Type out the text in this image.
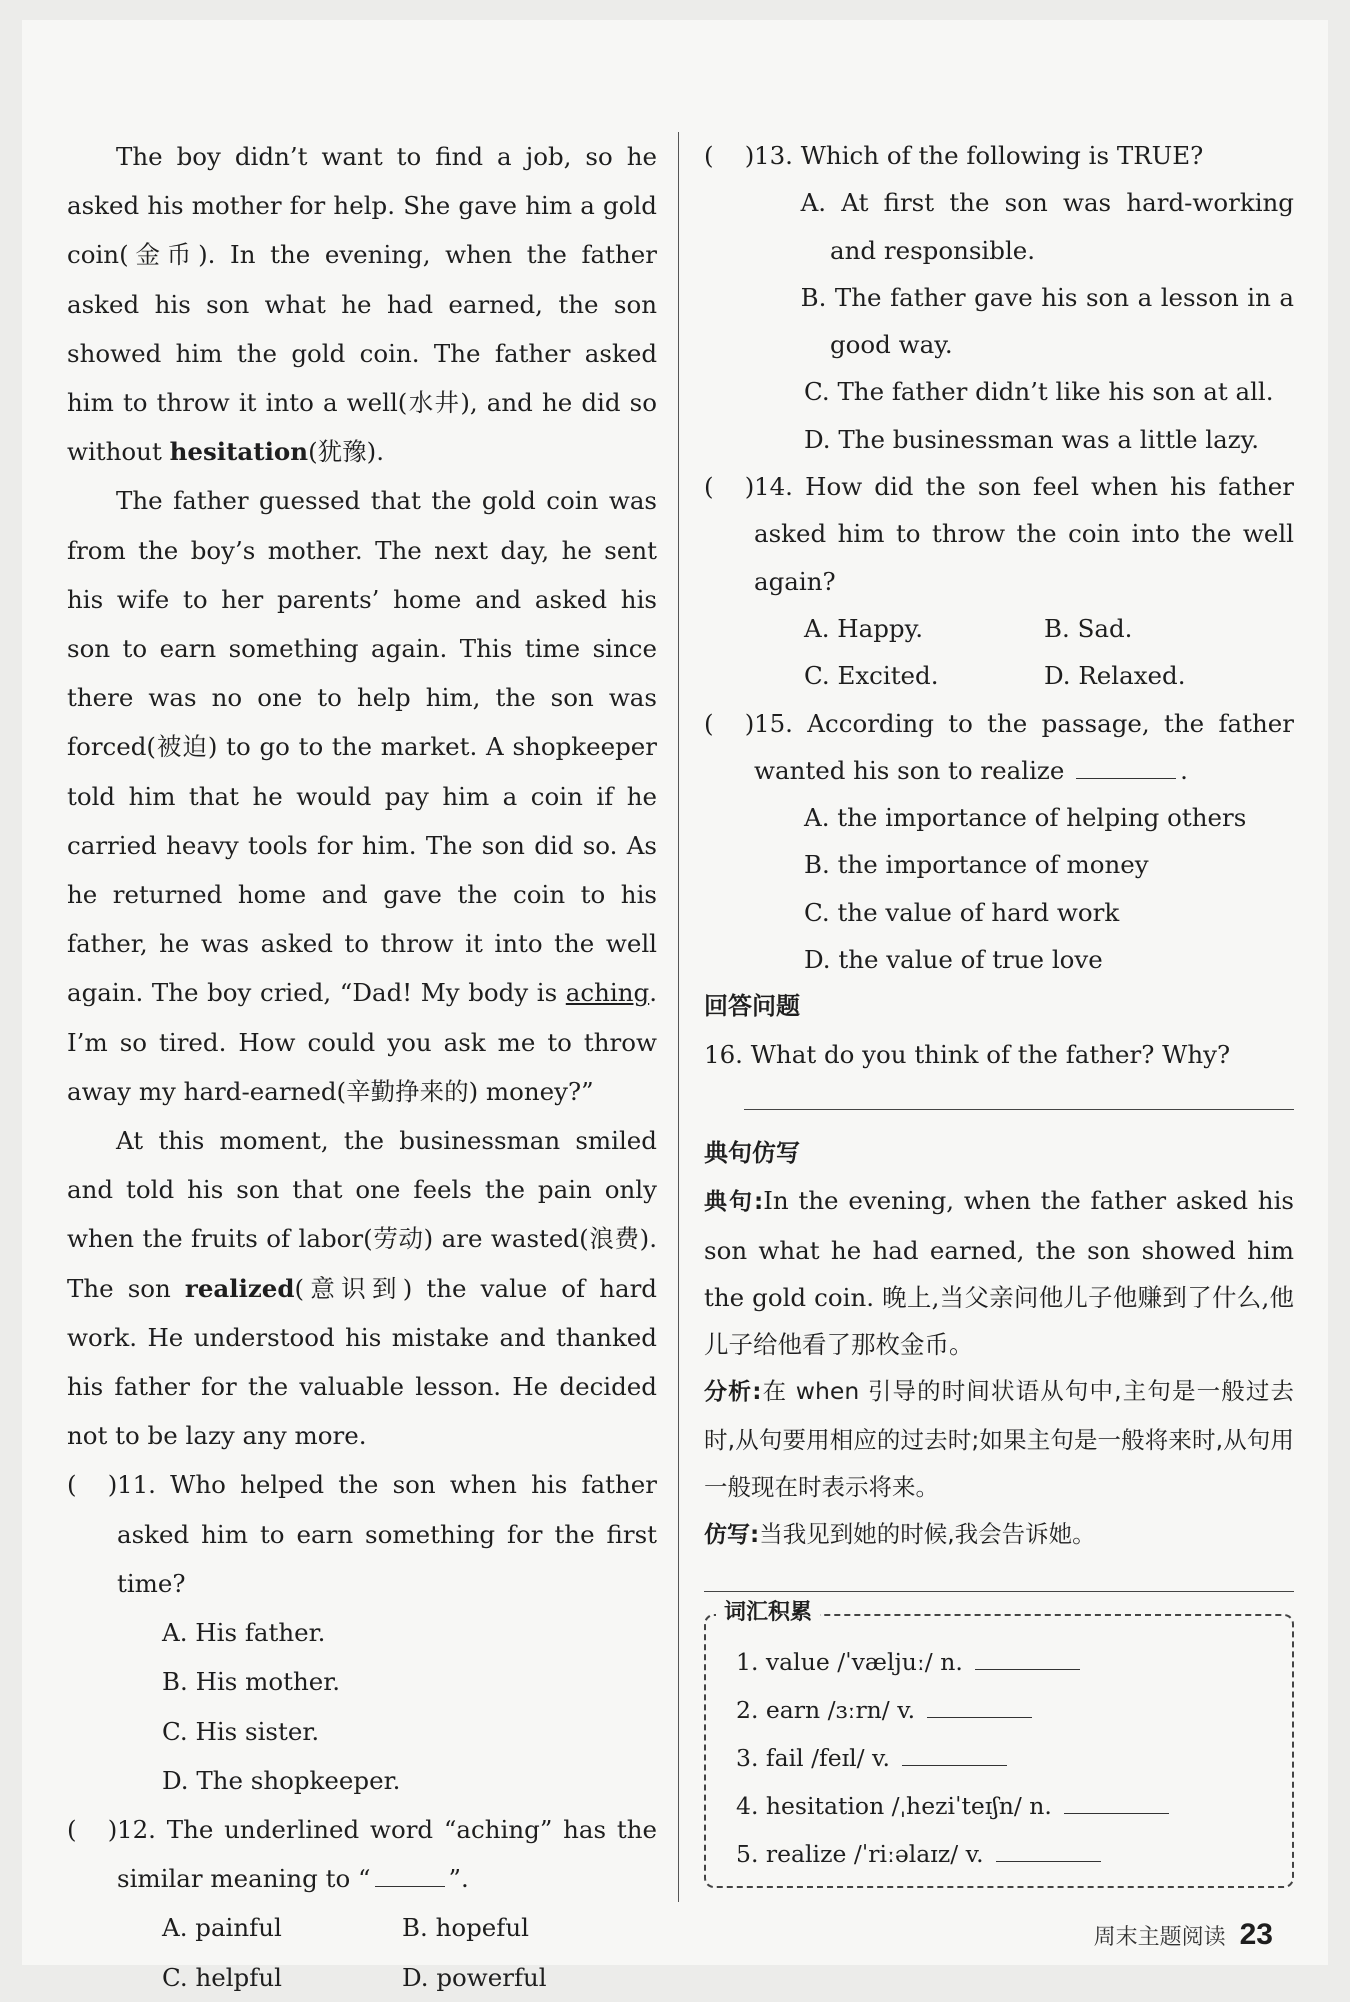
The boy didn’t want to find a job, so he asked his mother for help. She gave him a gold coin(金币). In the evening, when the father asked his son what he had earned, the son showed him the gold coin. The father asked him to throw it into a well(水井), and he did so without hesitation(犹豫).

The father guessed that the gold coin was from the boy’s mother. The next day, he sent his wife to her parents’ home and asked his son to earn something again. This time since there was no one to help him, the son was forced(被迫) to go to the market. A shopkeeper told him that he would pay him a coin if he carried heavy tools for him. The son did so. As he returned home and gave the coin to his father, he was asked to throw it into the well again. The boy cried, “Dad! My body is aching. I’m so tired. How could you ask me to throw away my hard-earned(辛勤挣来的) money?”

At this moment, the businessman smiled and told his son that one feels the pain only when the fruits of labor(劳动) are wasted(浪费). The son realized(意识到) the value of hard work. He understood his mistake and thanked his father for the valuable lesson. He decided not to be lazy any more.

(    ) 11. Who helped the son when his father asked him to earn something for the first time?

A. His father.

B. His mother.

C. His sister.

D. The shopkeeper.

(    ) 12. The underlined word “aching” has the similar meaning to “	”.
A. painful	B. hopeful
C. helpful	D. powerful
(    ) 13. Which of the following is TRUE?

A. At first the son was hard-working and responsible.

B. The father gave his son a lesson in a good way.

C. The father didn’t like his son at all.

D. The businessman was a little lazy.

(    ) 14. How did the son feel when his father asked him to throw the coin into the well again?
A. Happy.	B. Sad.
C. Excited.	D. Relaxed.
(    ) 15. According to the passage, the father wanted his son to realize	.

A. the importance of helping others

B. the importance of money

C. the value of hard work

D. the value of true love

回答问题

16. What do you think of the father? Why?

典句仿写

典句:In the evening, when the father asked his son what he had earned, the son showed him the gold coin. 晚上,当父亲问他儿子他赚到了什么,他儿子给他看了那枚金币。

分析:在 when 引导的时间状语从句中,主句是一般过去时,从句要用相应的过去时;如果主句是一般将来时,从句用一般现在时表示将来。

仿写:当我见到她的时候,我会告诉她。

词汇积累

1. value /ˈvæljuː/ n.

2. earn /ɜːrn/ v.

3. fail /feɪl/ v.

4. hesitation /ˌheziˈteɪʃn/ n.

5. realize /ˈriːəlaɪz/ v.

周末主题阅读 23
